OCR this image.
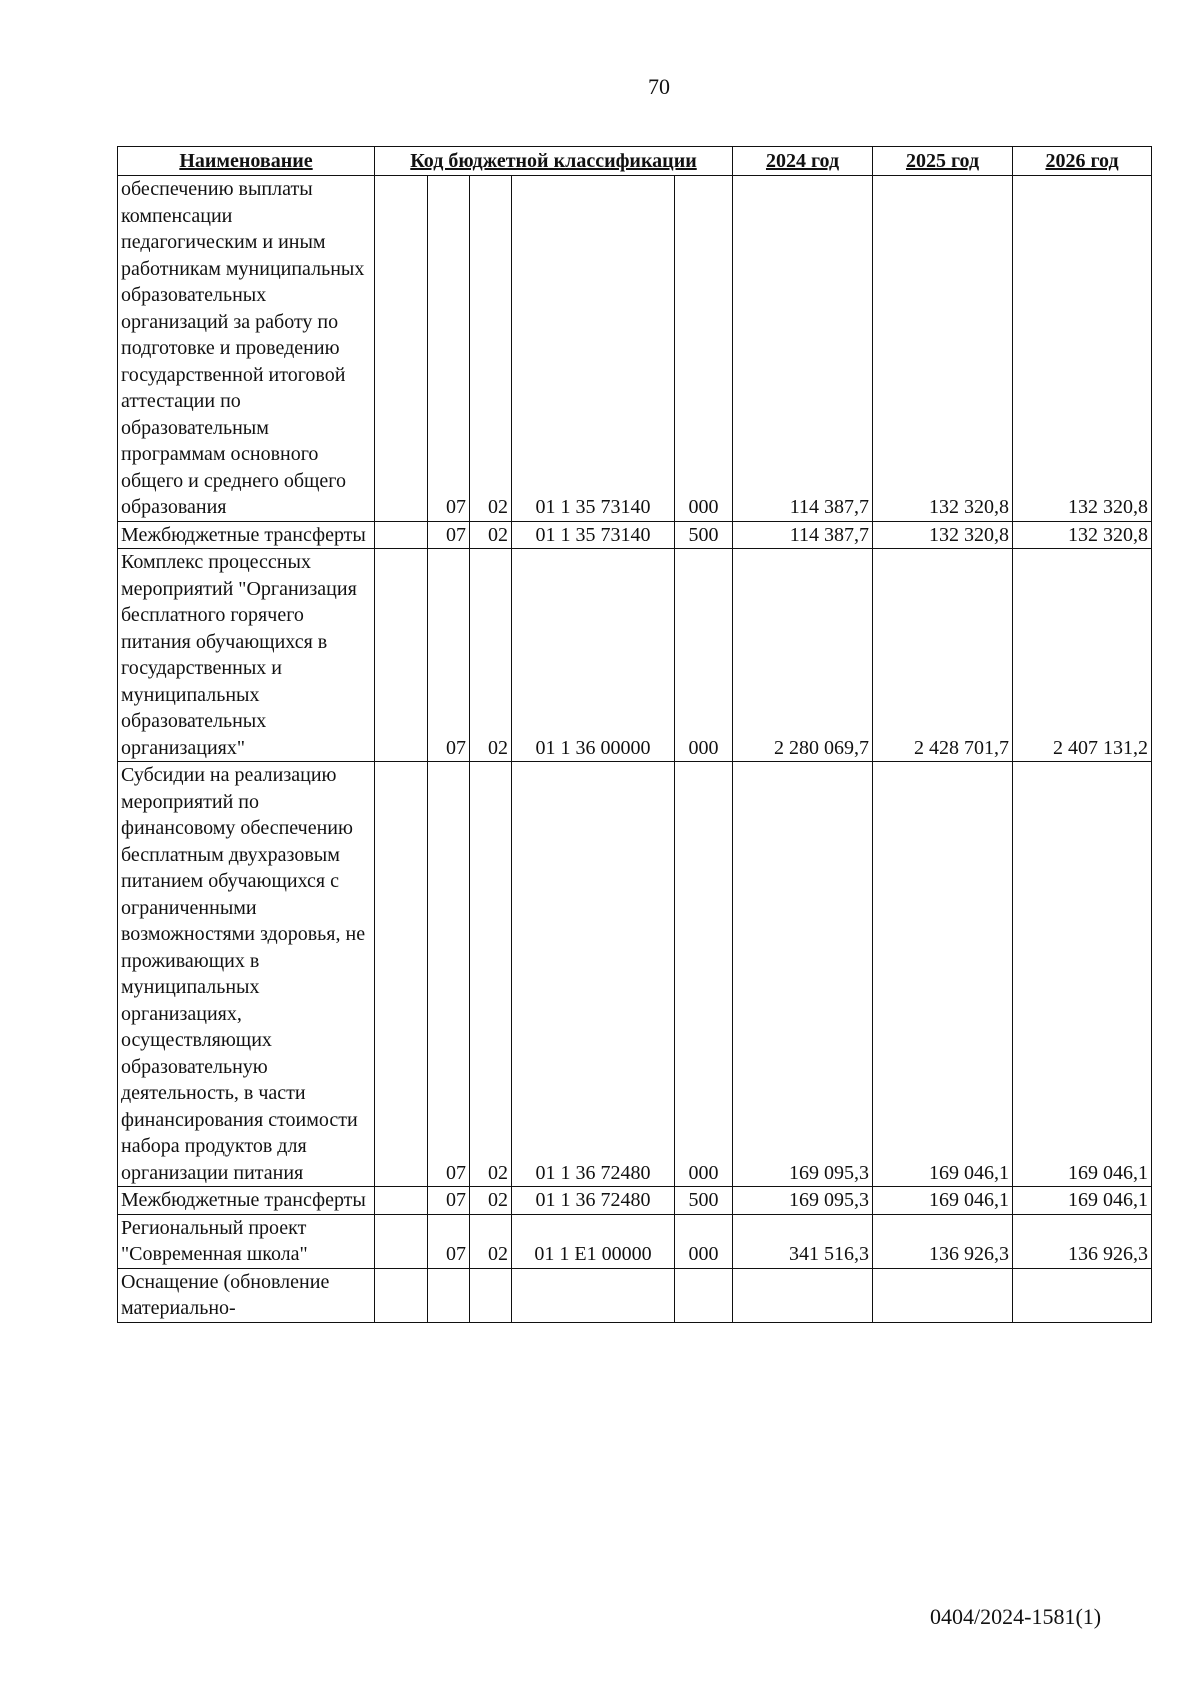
70
Наименование	Код бюджетной классификации					2024 год	2025 год	2026 год
обеспечению выплаты компенсации педагогическим и иным работникам муниципальных образовательных организаций за работу по подготовке и проведению государственной итоговой аттестации по образовательным программам основного общего и среднего общего образования		07	02	01 1 35 73140	000	114 387,7	132 320,8	132 320,8
Межбюджетные трансферты		07	02	01 1 35 73140	500	114 387,7	132 320,8	132 320,8
Комплекс процессных мероприятий "Организация бесплатного горячего питания обучающихся в государственных и муниципальных образовательных организациях"		07	02	01 1 36 00000	000	2 280 069,7	2 428 701,7	2 407 131,2
Субсидии на реализацию мероприятий по финансовому обеспечению бесплатным двухразовым питанием обучающихся с ограниченными возможностями здоровья, не проживающих в муниципальных организациях, осуществляющих образовательную деятельность, в части финансирования стоимости набора продуктов для организации питания		07	02	01 1 36 72480	000	169 095,3	169 046,1	169 046,1
Межбюджетные трансферты		07	02	01 1 36 72480	500	169 095,3	169 046,1	169 046,1
Региональный проект "Современная школа"		07	02	01 1 E1 00000	000	341 516,3	136 926,3	136 926,3
Оснащение (обновление материально-								
0404/2024-1581(1)
